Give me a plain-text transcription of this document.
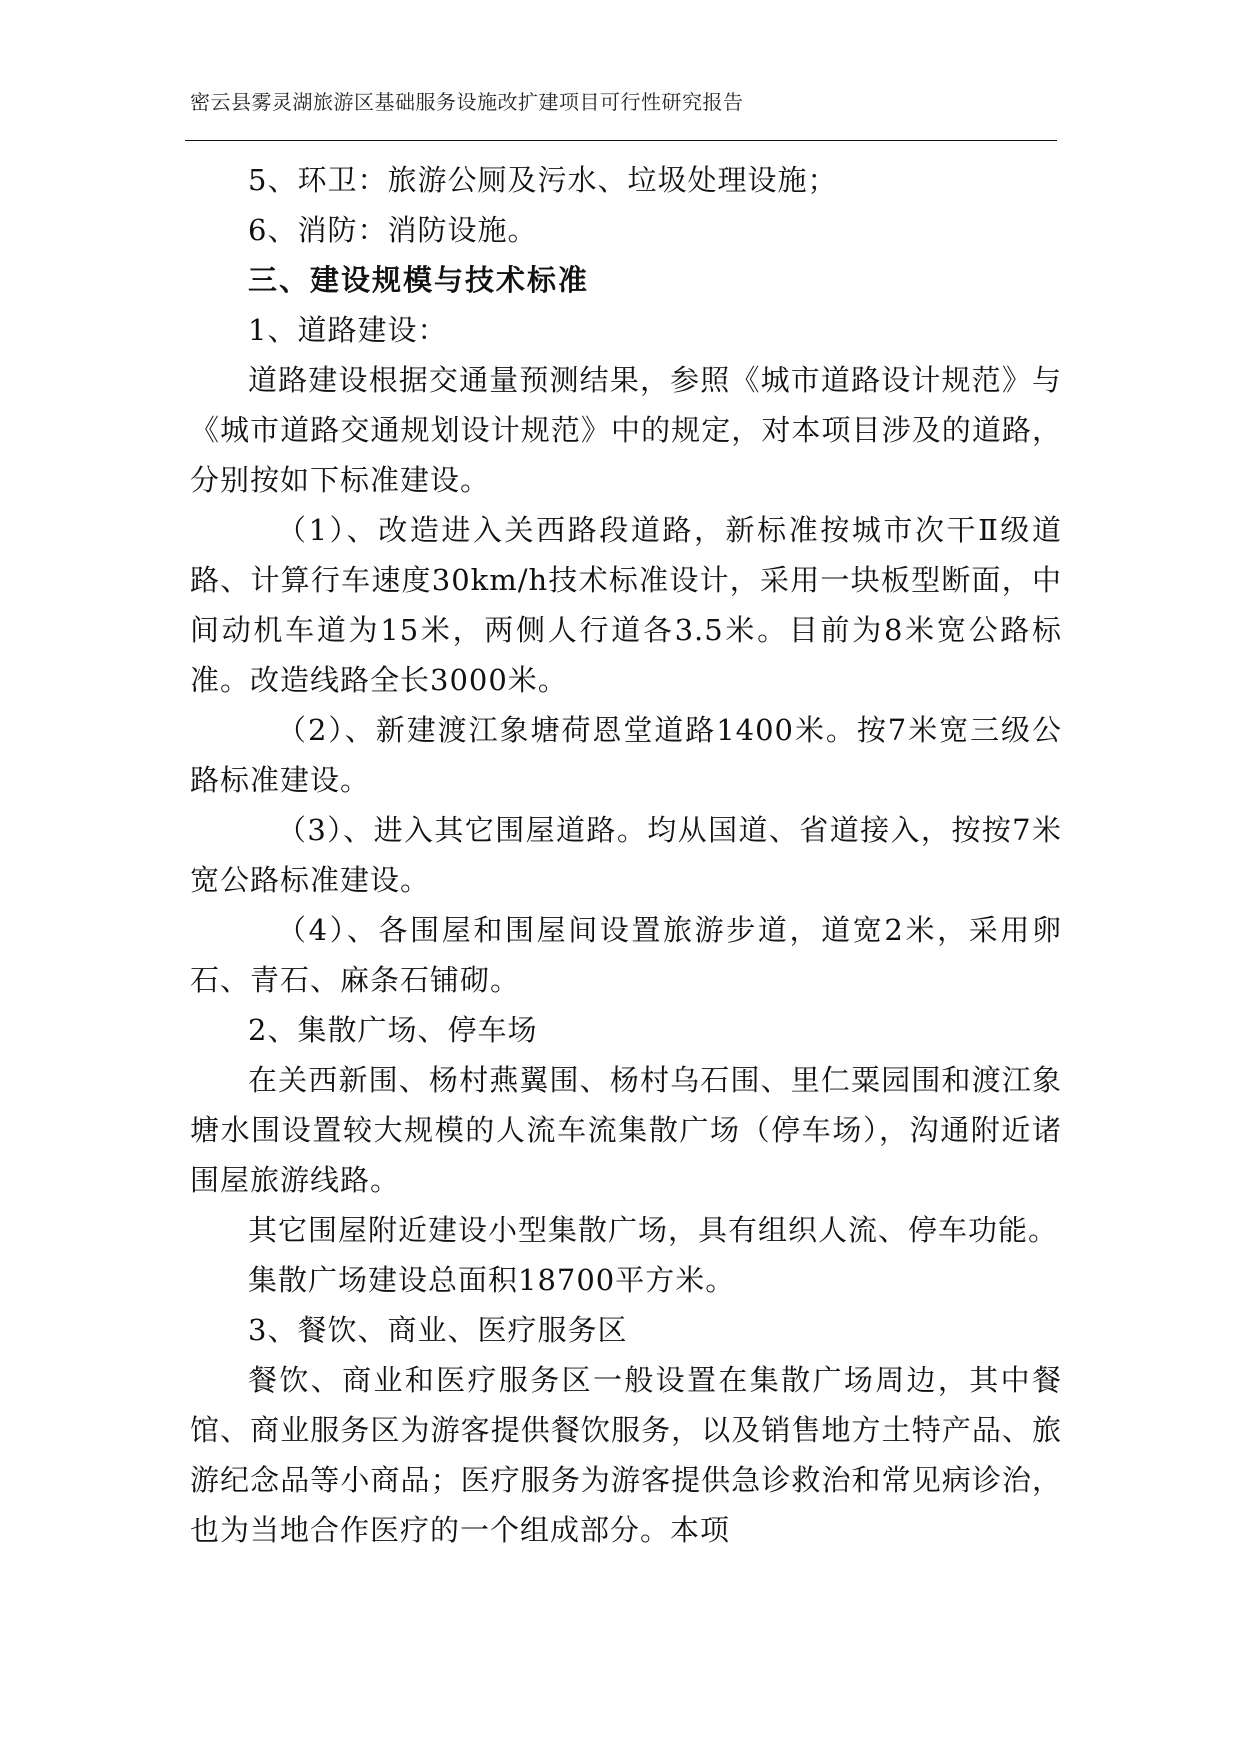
密云县雾灵湖旅游区基础服务设施改扩建项目可行性研究报告

5、环卫：旅游公厕及污水、垃圾处理设施；

6、消防：消防设施。

三、建设规模与技术标准

1、道路建设：

道路建设根据交通量预测结果，参照《城市道路设计规范》与《城市道路交通规划设计规范》中的规定，对本项目涉及的道路，分别按如下标准建设。

（1）、改造进入关西路段道路，新标准按城市次干Ⅱ级道路、计算行车速度30km/h技术标准设计，采用一块板型断面，中间动机车道为15米，两侧人行道各3.5米。目前为8米宽公路标准。改造线路全长3000米。

（2）、新建渡江象塘荷恩堂道路1400米。按7米宽三级公路标准建设。

（3）、进入其它围屋道路。均从国道、省道接入，按按7米宽公路标准建设。

（4）、各围屋和围屋间设置旅游步道，道宽2米，采用卵石、青石、麻条石铺砌。

2、集散广场、停车场

在关西新围、杨村燕翼围、杨村乌石围、里仁粟园围和渡江象塘水围设置较大规模的人流车流集散广场（停车场），沟通附近诸围屋旅游线路。

其它围屋附近建设小型集散广场，具有组织人流、停车功能。

集散广场建设总面积18700平方米。

3、餐饮、商业、医疗服务区

餐饮、商业和医疗服务区一般设置在集散广场周边，其中餐馆、商业服务区为游客提供餐饮服务，以及销售地方土特产品、旅游纪念品等小商品；医疗服务为游客提供急诊救治和常见病诊治，也为当地合作医疗的一个组成部分。本项
